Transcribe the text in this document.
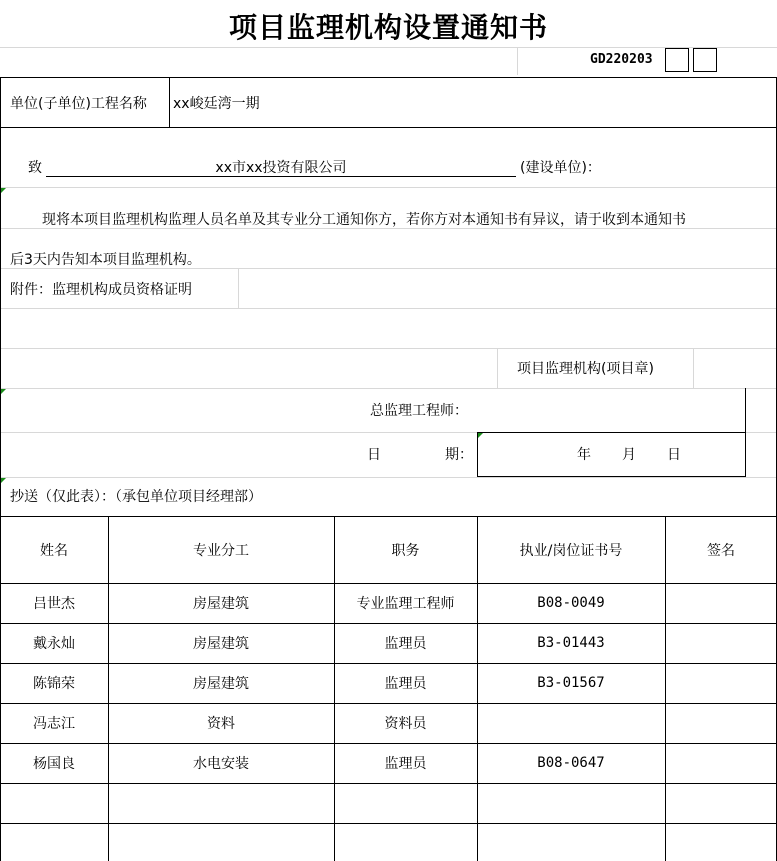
项目监理机构设置通知书
GD220203
单位(子单位)工程名称 xx峻廷湾一期
致	xx市xx投资有限公司	(建设单位)：
现将本项目监理机构监理人员名单及其专业分工通知你方，若你方对本通知书有异议，请于收到本通知书
后3天内告知本项目监理机构。
附件：监理机构成员资格证明
项目监理机构(项目章)
总监理工程师：
日	期：	年 月 日
抄送（仅此表）：（承包单位项目经理部）
姓名	专业分工	职务	执业/岗位证书号	签名
吕世杰	房屋建筑	专业监理工程师	B08-0049
戴永灿	房屋建筑	监理员	B3-01443
陈锦荣	房屋建筑	监理员	B3-01567
冯志江	资料	资料员
杨国良	水电安装	监理员	B08-0647
